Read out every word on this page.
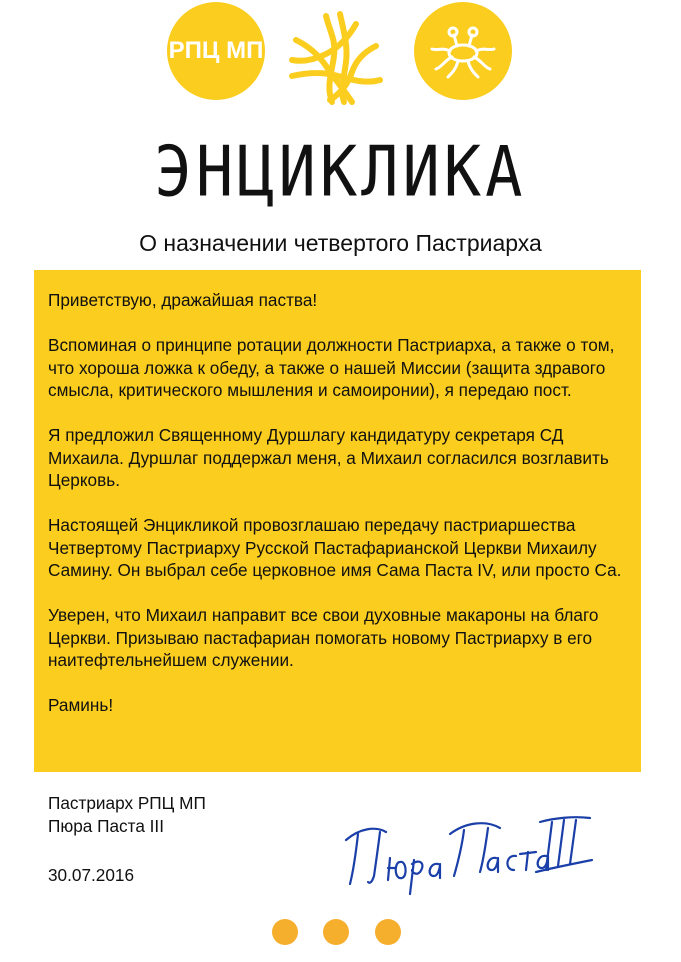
РПЦ МП
ЭНЦИКЛИКА
О назначении четвертого Пастриарха

Приветствую, дражайшая паства!

Вспоминая о принципе ротации должности Пастриарха, а также о том, что хороша ложка к обеду, а также о нашей Миссии (защита здравого смысла, критического мышления и самоиронии), я передаю пост.

Я предложил Священному Дуршлагу кандидатуру секретаря СД Михаила. Дуршлаг поддержал меня, а Михаил согласился возглавить Церковь.

Настоящей Энцикликой провозглашаю передачу пастриаршества Четвертому Пастриарху Русской Пастафарианской Церкви Михаилу Самину. Он выбрал себе церковное имя Сама Паста IV, или просто Са.

Уверен, что Михаил направит все свои духовные макароны на благо Церкви. Призываю пастафариан помогать новому Пастриарху в его наитефтельнейшем служении.

Раминь!

Пастриарх РПЦ МП
Пюра Паста III
30.07.2016
